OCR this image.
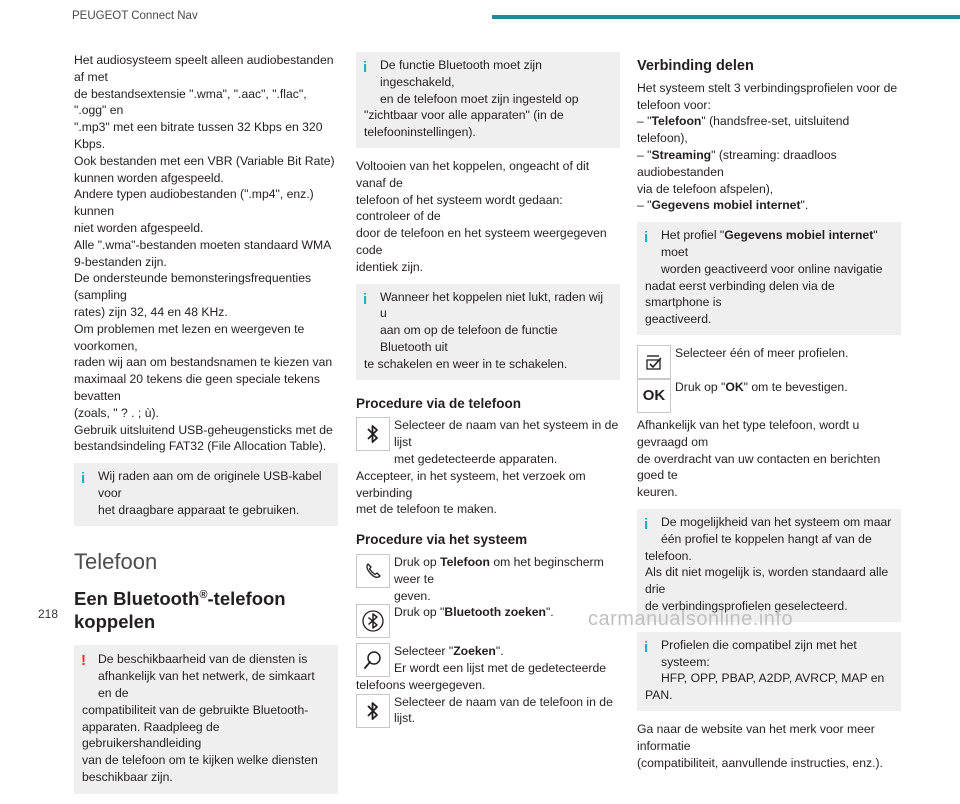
PEUGEOT Connect Nav
Het audiosysteem speelt alleen audiobestanden af met
de bestandsextensie ".wma", ".aac", ".flac", ".ogg" en
".mp3" met een bitrate tussen 32 Kbps en 320 Kbps.
Ook bestanden met een VBR (Variable Bit Rate)
kunnen worden afgespeeld.
Andere typen audiobestanden (".mp4", enz.) kunnen
niet worden afgespeeld.
Alle ".wma"-bestanden moeten standaard WMA
9-bestanden zijn.
De ondersteunde bemonsteringsfrequenties (sampling
rates) zijn 32, 44 en 48 KHz.
Om problemen met lezen en weergeven te voorkomen,
raden wij aan om bestandsnamen te kiezen van
maximaal 20 tekens die geen speciale tekens bevatten
(zoals, " ? . ; ù).
Gebruik uitsluitend USB-geheugensticks met de
bestandsindeling FAT32 (File Allocation Table).
i	Wij raden aan om de originele USB-kabel voor
het draagbare apparaat te gebruiken.
Telefoon
Een Bluetooth®-telefoon
koppelen
! De beschikbaarheid van de diensten is
afhankelijk van het netwerk, de simkaart en de
compatibiliteit van de gebruikte Bluetooth-
apparaten. Raadpleeg de gebruikershandleiding
van de telefoon om te kijken welke diensten
beschikbaar zijn.
i	De functie Bluetooth moet zijn ingeschakeld,
en de telefoon moet zijn ingesteld op
"zichtbaar voor alle apparaten" (in de
telefooninstellingen).
Voltooien van het koppelen, ongeacht of dit vanaf de
telefoon of het systeem wordt gedaan: controleer of de
door de telefoon en het systeem weergegeven code
identiek zijn.
i	Wanneer het koppelen niet lukt, raden wij u
aan om op de telefoon de functie Bluetooth uit
te schakelen en weer in te schakelen.
Procedure via de telefoon
Selecteer de naam van het systeem in de lijst
met gedetecteerde apparaten.
Accepteer, in het systeem, het verzoek om verbinding
met de telefoon te maken.
Procedure via het systeem
Druk op Telefoon om het beginscherm weer te
geven.
Druk op "Bluetooth zoeken".
Selecteer "Zoeken".
Er wordt een lijst met de gedetecteerde
telefoons weergegeven.
Selecteer de naam van de telefoon in de lijst.
Verbinding delen
Het systeem stelt 3 verbindingsprofielen voor de
telefoon voor:
– "Telefoon" (handsfree-set, uitsluitend telefoon),
– "Streaming" (streaming: draadloos audiobestanden
via de telefoon afspelen),
– "Gegevens mobiel internet".
i	Het profiel "Gegevens mobiel internet" moet
worden geactiveerd voor online navigatie
nadat eerst verbinding delen via de smartphone is
geactiveerd.
Selecteer één of meer profielen.
OK Druk op "OK" om te bevestigen.
Afhankelijk van het type telefoon, wordt u gevraagd om
de overdracht van uw contacten en berichten goed te
keuren.
i	De mogelijkheid van het systeem om maar
één profiel te koppelen hangt af van de
telefoon.
Als dit niet mogelijk is, worden standaard alle drie
de verbindingsprofielen geselecteerd.
i	Profielen die compatibel zijn met het systeem:
HFP, OPP, PBAP, A2DP, AVRCP, MAP en
PAN.
Ga naar de website van het merk voor meer informatie
(compatibiliteit, aanvullende instructies, enz.).
218	carmanualsonline.info
